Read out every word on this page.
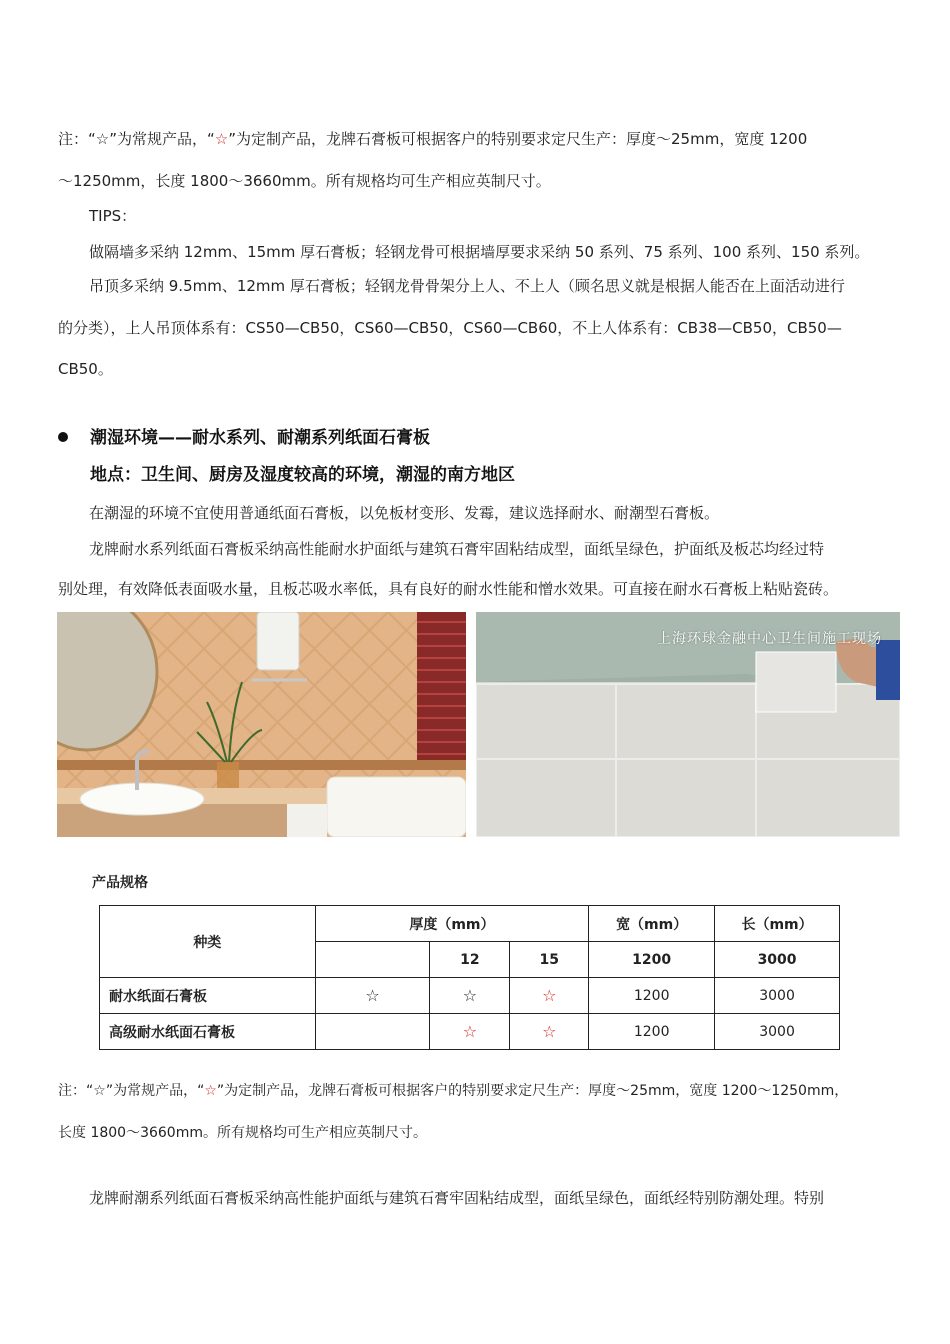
注：“☆”为常规产品，“☆”为定制产品，龙牌石膏板可根据客户的特别要求定尺生产：厚度～25mm，宽度 1200
～1250mm，长度 1800～3660mm。所有规格均可生产相应英制尺寸。
TIPS：
做隔墙多采纳 12mm、15mm 厚石膏板；轻钢龙骨可根据墙厚要求采纳 50 系列、75 系列、100 系列、150 系列。
吊顶多采纳 9.5mm、12mm 厚石膏板；轻钢龙骨骨架分上人、不上人（顾名思义就是根据人能否在上面活动进行
的分类），上人吊顶体系有：CS50—CB50，CS60—CB50，CS60—CB60，不上人体系有：CB38—CB50，CB50—
CB50。
潮湿环境——耐水系列、耐潮系列纸面石膏板
地点：卫生间、厨房及湿度较高的环境，潮湿的南方地区
在潮湿的环境不宜使用普通纸面石膏板，以免板材变形、发霉，建议选择耐水、耐潮型石膏板。
龙牌耐水系列纸面石膏板采纳高性能耐水护面纸与建筑石膏牢固粘结成型，面纸呈绿色，护面纸及板芯均经过特
别处理，有效降低表面吸水量，且板芯吸水率低，具有良好的耐水性能和憎水效果。可直接在耐水石膏板上粘贴瓷砖。
上海环球金融中心卫生间施工现场
产品规格
种类	厚度（mm）			宽（mm）	长（mm）
		12	15	1200	3000
耐水纸面石膏板	☆	☆	☆	1200	3000
高级耐水纸面石膏板		☆	☆	1200	3000
注：“☆”为常规产品，“☆”为定制产品，龙牌石膏板可根据客户的特别要求定尺生产：厚度～25mm，宽度 1200～1250mm，
长度 1800～3660mm。所有规格均可生产相应英制尺寸。
龙牌耐潮系列纸面石膏板采纳高性能护面纸与建筑石膏牢固粘结成型，面纸呈绿色，面纸经特别防潮处理。特别
